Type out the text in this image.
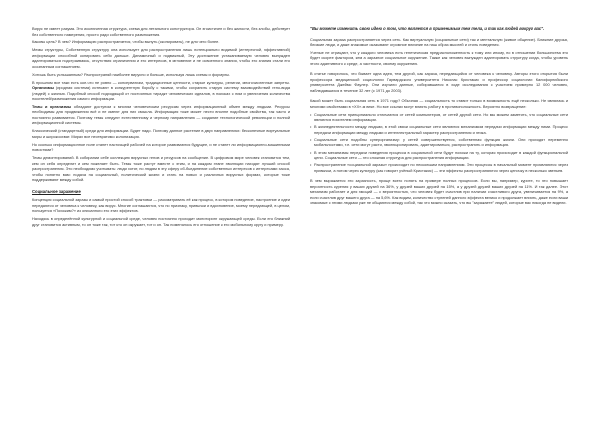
Вирус не имеет разума. Это исключенная структура, схема для летального конструктора. Он эгоистичен и без жалости, без злобы, действует без собственного намерения, просто ради собственного размножения.

Каковы цель? В чем? Информацию распространяется, чтобы вынуть (скопировать), не для чего более.

Мемы структуры, Собственную структуру она использует для распространения лишь потенциально видимой (интересной, эффективной) информации способной копировать себя дальше. Динамичный и подвижный, Эту достижение устаканиваемую человек вынужден адаптироваться подстраиваясь, отсутствия ограничения и его интересов, в мгновение и не освоенного знания, чтобы его знания стали его осознанным соглашением.

Хотишь быть услышанным? Распространяй наиболее вирусно и больше, используя лишь схемы и формулы.

В прошлом все таки есть кое-что не ровно — консерватизм, традиционные ценности, старые культуры, религии, многочисленные запреты. Организмы (иродная система) истекают в конкурентную борьбу с такими, чтобы сохранить старую систему взаимодействий гено-вида (людей) с жизнью. Подобный способ подходящий от постоянных тирадкт человеческих идеалов, в поисках с ним и увеличения количества носителей/размножения самого информации.

Темы и организмы обладают доступом к многим человеческим ресурсам через информационный обмен между людьми. Ресурсы необходимы для продвижения всё и не имеют для них смысла. Информация тоже может нести вполне подобные свойства, так часто и постоянно развивается. Поэтому темы следуют естественному и черному направлению — создание технологической революции и полной информационной системы.

Классический (стандартный) среди для информации. Будет надо. Поэтому данное растение в двух направлениях: бесконечные виртуальные миры и широкоохват. Мирах все неотвратимо колонизация.

Но сколько информационное поле станет настоящей рабочей на которое развиваются будущее, и не станет ли информационно-машинными новостями?

Темы демонтирований. В собирании себе коллекцию вирусных генов и ресурсов на сообщение. В цифровом мире человек становится тем, кем он себя определит и кем пожелает быть. Темы тоже растут вместе с этим, и на каждом этапе эволюции находят лучший способ распространения. Это необходимо учитывать: люди хотят, но людям в эту сферу об-бьединение собственных интересов с интересами хаоса, чтобы понятно вам: подача на социальный, политический жизни и стать на новых и различных вирусных формах, которые тоже поддерживают между собой.

Социальное заражение

Концепция социальной заразы и самый простой способ трактовки — рассматривать её как процесс, в котором поведение, настроение и идеи передаются от человека к человеку, как вирус. Многие соглашаются, что по признаку, привычки и вдохновение, моему передающей, в целом, пользуется «Похожим?» из описанного его этих эффектов.

Находясь в определённой культурной и социальной среде, человек постоянно проходит мониторинг окружающей среды. Если его ближний друг становится активным, то он тоже так, тот кто он окружает, тот и он. Так поменялось его отношение к его мобильному кругу и примеру.

"Вы можете изменить свою идею о том, что является в применимым тем тела, и так как людей вокруг вас".

Социальная зараза распространяется через сеть. Как виртуальную (социальные сети) так и ментальную (живое общение). Ближние друзья, близкие люди, и даже знакомые оказывают огромное влияние на наш образ мыслей и стиль поведения.

Ученые не отрицают, что у каждого человека есть генетическая предрасположенность к тому или иному, но в отношении большинства это будет скорее фактором, кем а заразное социальное окружение. Также как человек вынужден адаптировать структуру когда, чтобы уровень этого адаптивного к среде, а частности, своему окружению.

В статье говорилось, что бывает одна идея, тем другой, как зараза, передающийся от человека к человеку. Авторы этого открытия были профессора медицинской социологии Гарвардского университета Николас Кристакис и профессор социологии Калифорнийского университета Джеймс Фаулер. Они изучили данные, собиравшиеся в ходе исследования с участием примерно 12 000 человек, наблюдавшихся в течение 32 лет (с 1971 до 2003).

Какой может быть социальная сеть в 1971 году? Обычная — социальность то ставит только в возможность ещё несколько. Не являлась и многими свойствами в «XX»-м веке. Но все ссылки могут влиять работу в противоположность. Вероятно возвращение:

• Социальные сети принципиально отличаются от сетей компьютеров, от сетей другой сети. Но мы можем заметить, что социальные сети являются носителем информации.
• В жизнедеятельности между людьми, в этой связи социальные сети являются механизмом передачи информации между ними. Процесс передачи информации между людьми и интеллектуальный характер распространения и этика.
• Социальные сети подобны суперорганизму: у сетей совершенствуется, собственная функция жизни. Они проходят переменно мобильностями, т.е. сети могут расти, эволюционировать, адаптироваться, распространять и информация.
• В этом механизмы передачи поведения процесса в социальной сети будут похожи на ту, которая происходит в каждой функциональной цепи. Социальные сети — это сложная структура для распространения информации.
• Распространение «социальной заразы» происходит по нескольким направлениям. Эти процессы в начальный момент проявляются через привычки, а потом через культуру (как говорит учёный Кристакис) — эти эффекты распространяются через цепочку в несколько звеньев.

В чем выражается это заразность, проще всего понять на примере полных процессов. Если вы, например, курите, то это повышает вероятность курения у ваших друзей на 36%, у друзей ваших друзей на 15%, а у друзей друзей ваших друзей на 11%. И так далее. Этот механизм работает и для эмоций — с вероятностью, что человек будет счастлив при наличии счастливого друга, увеличивается на 9%, а если счастлив друг вашего друга — на 5,6%. Как видим, количество ступеней данного эффекта велико и продолжает влиять, даже если ваши знакомые с этими людьми уже не общаются между собой, так что можно сказать, что вы "заражаете" людей, которые вас никогда не видели.
